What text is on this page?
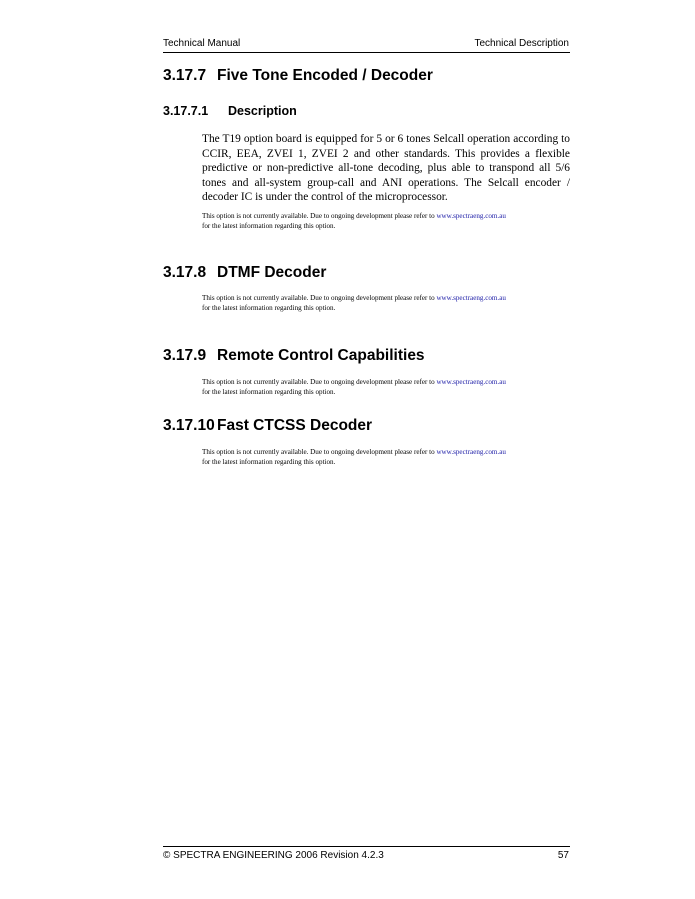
Technical Manual	Technical Description
3.17.7 Five Tone Encoded / Decoder
3.17.7.1 Description
The T19 option board is equipped for 5 or 6 tones Selcall operation according to CCIR, EEA, ZVEI 1, ZVEI 2 and other standards. This provides a flexible predictive or non-predictive all-tone decoding, plus able to transpond all 5/6 tones and all-system group-call and ANI operations. The Selcall encoder / decoder IC is under the control of the microprocessor.
This option is not currently available. Due to ongoing development please refer to www.spectraeng.com.au
for the latest information regarding this option.
3.17.8 DTMF Decoder
This option is not currently available. Due to ongoing development please refer to www.spectraeng.com.au
for the latest information regarding this option.
3.17.9 Remote Control Capabilities
This option is not currently available. Due to ongoing development please refer to www.spectraeng.com.au
for the latest information regarding this option.
3.17.10 Fast CTCSS Decoder
This option is not currently available. Due to ongoing development please refer to www.spectraeng.com.au
for the latest information regarding this option.
© SPECTRA ENGINEERING 2006 Revision 4.2.3	57
